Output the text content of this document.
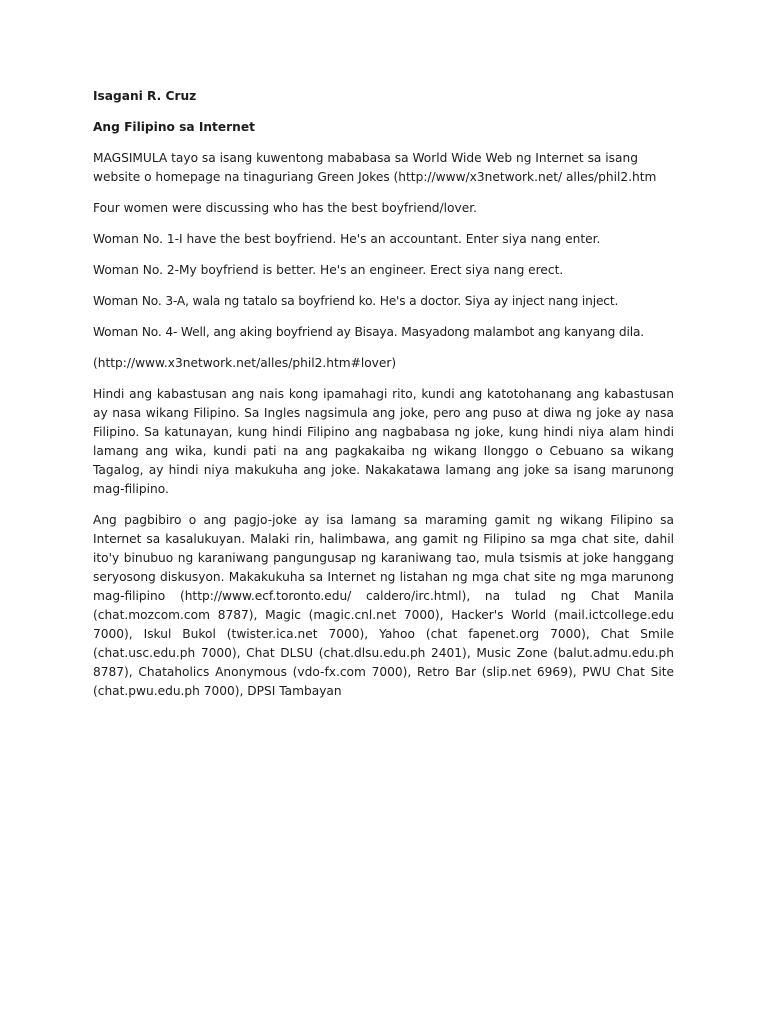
Isagani R. Cruz

Ang Filipino sa Internet

MAGSIMULA tayo sa isang kuwentong mababasa sa World Wide Web ng Internet sa isang website o homepage na tinaguriang Green Jokes (http://www/x3network.net/ alles/phil2.htm

Four women were discussing who has the best boyfriend/lover.

Woman No. 1-I have the best boyfriend. He's an accountant. Enter siya nang enter.

Woman No. 2-My boyfriend is better. He's an engineer. Erect siya nang erect.

Woman No. 3-A, wala ng tatalo sa boyfriend ko. He's a doctor. Siya ay inject nang inject.

Woman No. 4- Well, ang aking boyfriend ay Bisaya. Masyadong malambot ang kanyang dila.

(http://www.x3network.net/alles/phil2.htm#lover)

Hindi ang kabastusan ang nais kong ipamahagi rito, kundi ang katotohanang ang kabastusan ay nasa wikang Filipino. Sa Ingles nagsimula ang joke, pero ang puso at diwa ng joke ay nasa Filipino. Sa katunayan, kung hindi Filipino ang nagbabasa ng joke, kung hindi niya alam hindi lamang ang wika, kundi pati na ang pagkakaiba ng wikang Ilonggo o Cebuano sa wikang Tagalog, ay hindi niya makukuha ang joke. Nakakatawa lamang ang joke sa isang marunong mag-filipino.

Ang pagbibiro o ang pagjo-joke ay isa lamang sa maraming gamit ng wikang Filipino sa Internet sa kasalukuyan. Malaki rin, halimbawa, ang gamit ng Filipino sa mga chat site, dahil ito'y binubuo ng karaniwang pangungusap ng karaniwang tao, mula tsismis at joke hanggang seryosong diskusyon. Makakukuha sa Internet ng listahan ng mga chat site ng mga marunong mag-filipino (http://www.ecf.toronto.edu/ caldero/irc.html), na tulad ng Chat Manila (chat.mozcom.com 8787), Magic (magic.cnl.net 7000), Hacker's World (mail.ictcollege.edu 7000), Iskul Bukol (twister.ica.net 7000), Yahoo (chat fapenet.org 7000), Chat Smile (chat.usc.edu.ph 7000), Chat DLSU (chat.dlsu.edu.ph 2401), Music Zone (balut.admu.edu.ph 8787), Chataholics Anonymous (vdo-fx.com 7000), Retro Bar (slip.net 6969), PWU Chat Site (chat.pwu.edu.ph 7000), DPSI Tambayan
